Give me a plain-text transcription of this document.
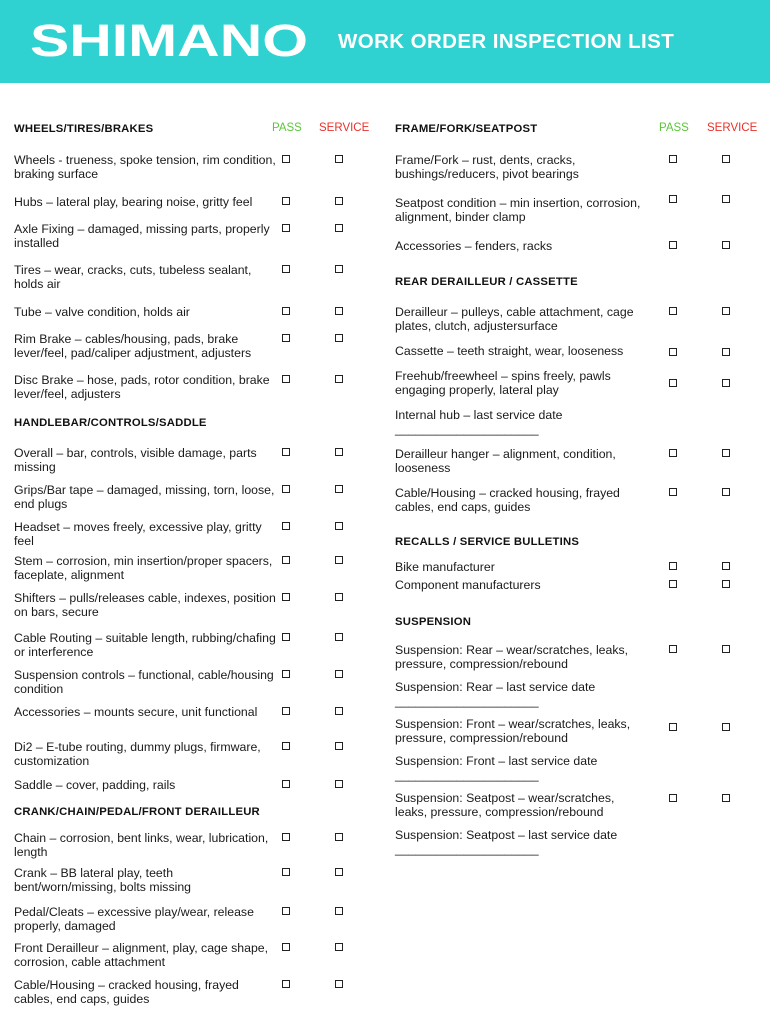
SHIMANO WORK ORDER INSPECTION LIST
WHEELS/TIRES/BRAKES	PASS SERVICE
Wheels - trueness, spoke tension, rim condition, braking surface
Hubs – lateral play, bearing noise, gritty feel
Axle Fixing – damaged, missing parts, properly installed
Tires – wear, cracks, cuts, tubeless sealant, holds air
Tube – valve condition, holds air
Rim Brake – cables/housing, pads, brake lever/feel, pad/caliper adjustment, adjusters
Disc Brake – hose, pads, rotor condition, brake lever/feel, adjusters
HANDLEBAR/CONTROLS/SADDLE
Overall – bar, controls, visible damage, parts missing
Grips/Bar tape – damaged, missing, torn, loose, end plugs
Headset – moves freely, excessive play, gritty feel
Stem – corrosion, min insertion/proper spacers, faceplate, alignment
Shifters – pulls/releases cable, indexes, position on bars, secure
Cable Routing – suitable length, rubbing/chafing or interference
Suspension controls – functional, cable/housing condition
Accessories – mounts secure, unit functional
Di2 – E-tube routing, dummy plugs, firmware, customization
Saddle – cover, padding, rails
CRANK/CHAIN/PEDAL/FRONT DERAILLEUR
Chain – corrosion, bent links, wear, lubrication, length
Crank – BB lateral play, teeth bent/worn/missing, bolts missing
Pedal/Cleats – excessive play/wear, release properly, damaged
Front Derailleur – alignment, play, cage shape, corrosion, cable attachment
Cable/Housing – cracked housing, frayed cables, end caps, guides
FRAME/FORK/SEATPOST	PASS SERVICE
Frame/Fork – rust, dents, cracks, bushings/reducers, pivot bearings
Seatpost condition – min insertion, corrosion, alignment, binder clamp
Accessories – fenders, racks
REAR DERAILLEUR / CASSETTE
Derailleur – pulleys, cable attachment, cage plates, clutch, adjustersurface
Cassette – teeth straight, wear, looseness
Freehub/freewheel – spins freely, pawls engaging properly, lateral play
Internal hub – last service date _____________________
Derailleur hanger – alignment, condition, looseness
Cable/Housing – cracked housing, frayed cables, end caps, guides
RECALLS / SERVICE BULLETINS
Bike manufacturer
Component manufacturers
SUSPENSION
Suspension: Rear – wear/scratches, leaks, pressure, compression/rebound
Suspension: Rear – last service date _____________________
Suspension: Front – wear/scratches, leaks, pressure, compression/rebound
Suspension: Front – last service date _____________________
Suspension: Seatpost – wear/scratches, leaks, pressure, compression/rebound
Suspension: Seatpost – last service date _____________________
